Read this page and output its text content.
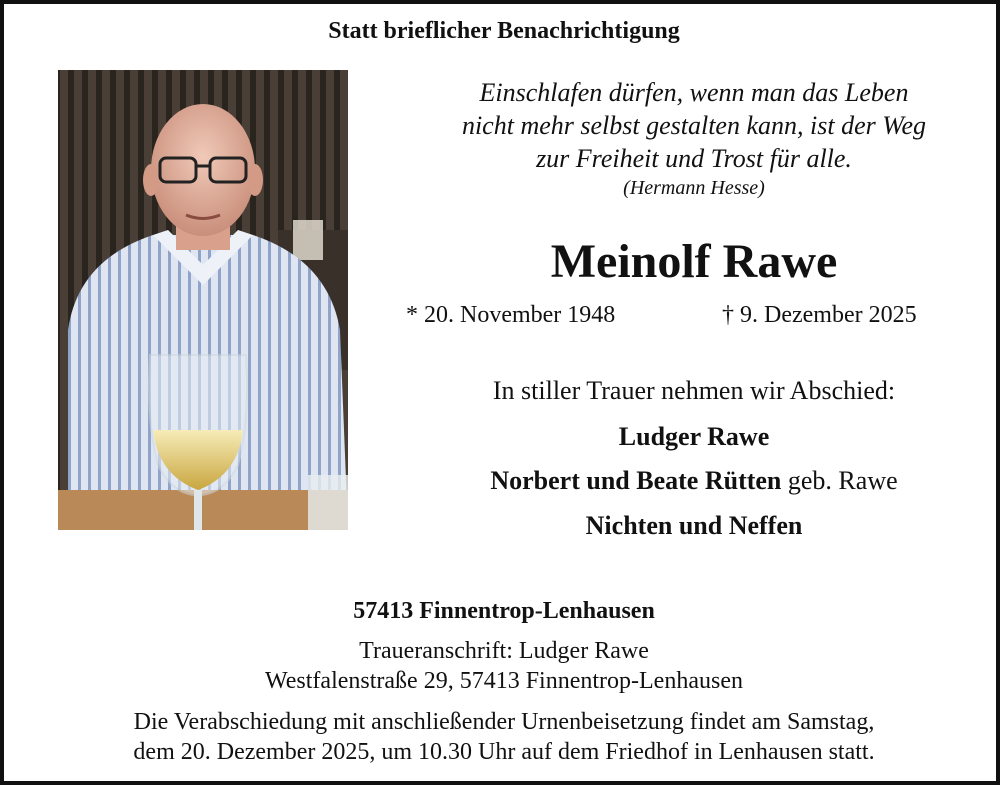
Statt brieflicher Benachrichtigung
Einschlafen dürfen, wenn man das Leben
nicht mehr selbst gestalten kann, ist der Weg
zur Freiheit und Trost für alle.
(Hermann Hesse)
Meinolf Rawe
* 20. November 1948	† 9. Dezember 2025
In stiller Trauer nehmen wir Abschied:
Ludger Rawe
Norbert und Beate Rütten geb. Rawe
Nichten und Neffen
57413 Finnentrop-Lenhausen
Traueranschrift: Ludger Rawe
Westfalenstraße 29, 57413 Finnentrop-Lenhausen
Die Verabschiedung mit anschließender Urnenbeisetzung findet am Samstag,
dem 20. Dezember 2025, um 10.30 Uhr auf dem Friedhof in Lenhausen statt.
